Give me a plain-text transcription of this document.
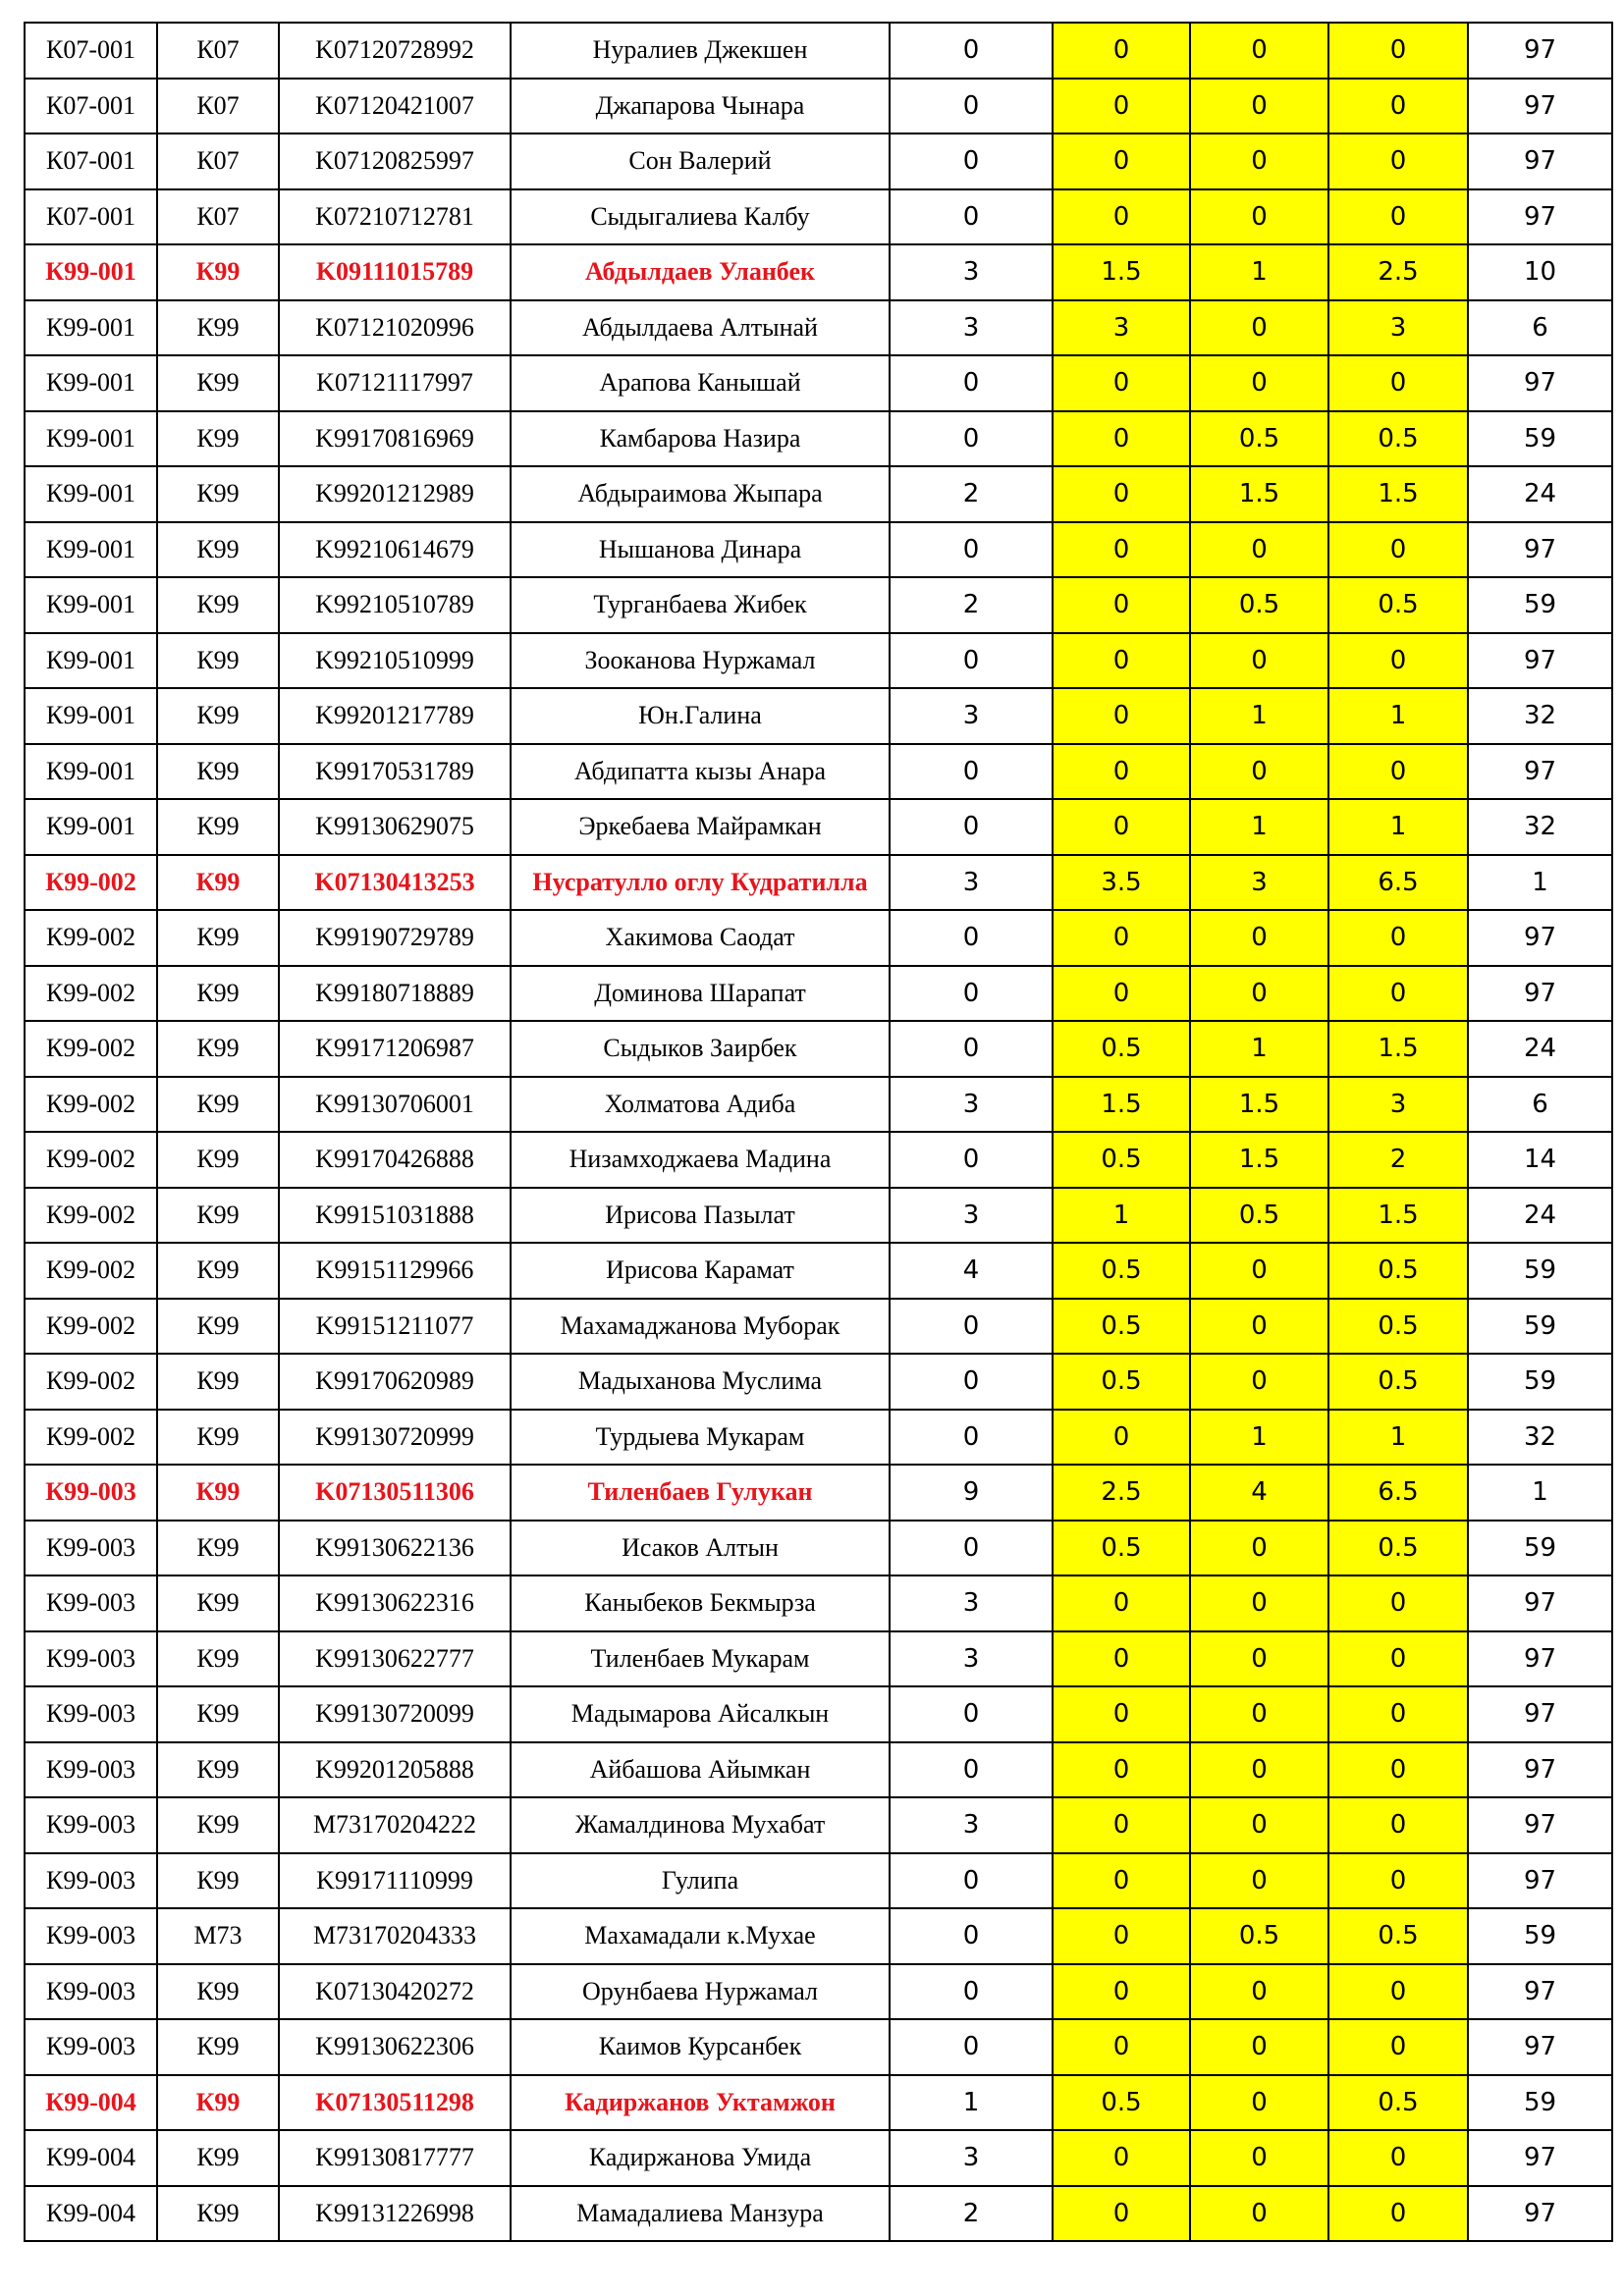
К07-001	К07	K07120728992	Нуралиев Джекшен	0	0	0	0	97
К07-001	К07	K07120421007	Джапарова Чынара	0	0	0	0	97
К07-001	К07	K07120825997	Сон Валерий	0	0	0	0	97
К07-001	К07	K07210712781	Сыдыгалиева Калбу	0	0	0	0	97
К99-001	К99	K09111015789	Абдылдаев Уланбек	3	1.5	1	2.5	10
К99-001	К99	K07121020996	Абдылдаева Алтынай	3	3	0	3	6
К99-001	К99	K07121117997	Арапова Канышай	0	0	0	0	97
К99-001	К99	K99170816969	Камбарова Назира	0	0	0.5	0.5	59
К99-001	К99	K99201212989	Абдыраимова Жыпара	2	0	1.5	1.5	24
К99-001	К99	K99210614679	Нышанова Динара	0	0	0	0	97
К99-001	К99	K99210510789	Турганбаева Жибек	2	0	0.5	0.5	59
К99-001	К99	K99210510999	Зооканова Нуржамал	0	0	0	0	97
К99-001	К99	K99201217789	Юн.Галина	3	0	1	1	32
К99-001	К99	K99170531789	Абдипатта кызы Анара	0	0	0	0	97
К99-001	К99	K99130629075	Эркебаева Майрамкан	0	0	1	1	32
К99-002	К99	K07130413253	Нусратулло оглу Кудратилла	3	3.5	3	6.5	1
К99-002	К99	K99190729789	Хакимова Саодат	0	0	0	0	97
К99-002	К99	K99180718889	Доминова Шарапат	0	0	0	0	97
К99-002	К99	K99171206987	Сыдыков Заирбек	0	0.5	1	1.5	24
К99-002	К99	K99130706001	Холматова Адиба	3	1.5	1.5	3	6
К99-002	К99	K99170426888	Низамходжаева Мадина	0	0.5	1.5	2	14
К99-002	К99	K99151031888	Ирисова Пазылат	3	1	0.5	1.5	24
К99-002	К99	K99151129966	Ирисова Карамат	4	0.5	0	0.5	59
К99-002	К99	K99151211077	Махамаджанова Муборак	0	0.5	0	0.5	59
К99-002	К99	K99170620989	Мадыханова Муслима	0	0.5	0	0.5	59
К99-002	К99	K99130720999	Турдыева Мукарам	0	0	1	1	32
К99-003	К99	K07130511306	Тиленбаев Гулукан	9	2.5	4	6.5	1
К99-003	К99	K99130622136	Исаков Алтын	0	0.5	0	0.5	59
К99-003	К99	K99130622316	Каныбеков Бекмырза	3	0	0	0	97
К99-003	К99	K99130622777	Тиленбаев Мукарам	3	0	0	0	97
К99-003	К99	K99130720099	Мадымарова Айсалкын	0	0	0	0	97
К99-003	К99	K99201205888	Айбашова Айымкан	0	0	0	0	97
К99-003	К99	M73170204222	Жамалдинова Мухабат	3	0	0	0	97
К99-003	К99	K99171110999	Гулипа	0	0	0	0	97
К99-003	М73	M73170204333	Махамадали к.Мухае	0	0	0.5	0.5	59
К99-003	К99	K07130420272	Орунбаева Нуржамал	0	0	0	0	97
К99-003	К99	K99130622306	Каимов Курсанбек	0	0	0	0	97
К99-004	К99	K07130511298	Кадиржанов Уктамжон	1	0.5	0	0.5	59
К99-004	К99	K99130817777	Кадиржанова Умида	3	0	0	0	97
К99-004	К99	K99131226998	Мамадалиева Манзура	2	0	0	0	97
